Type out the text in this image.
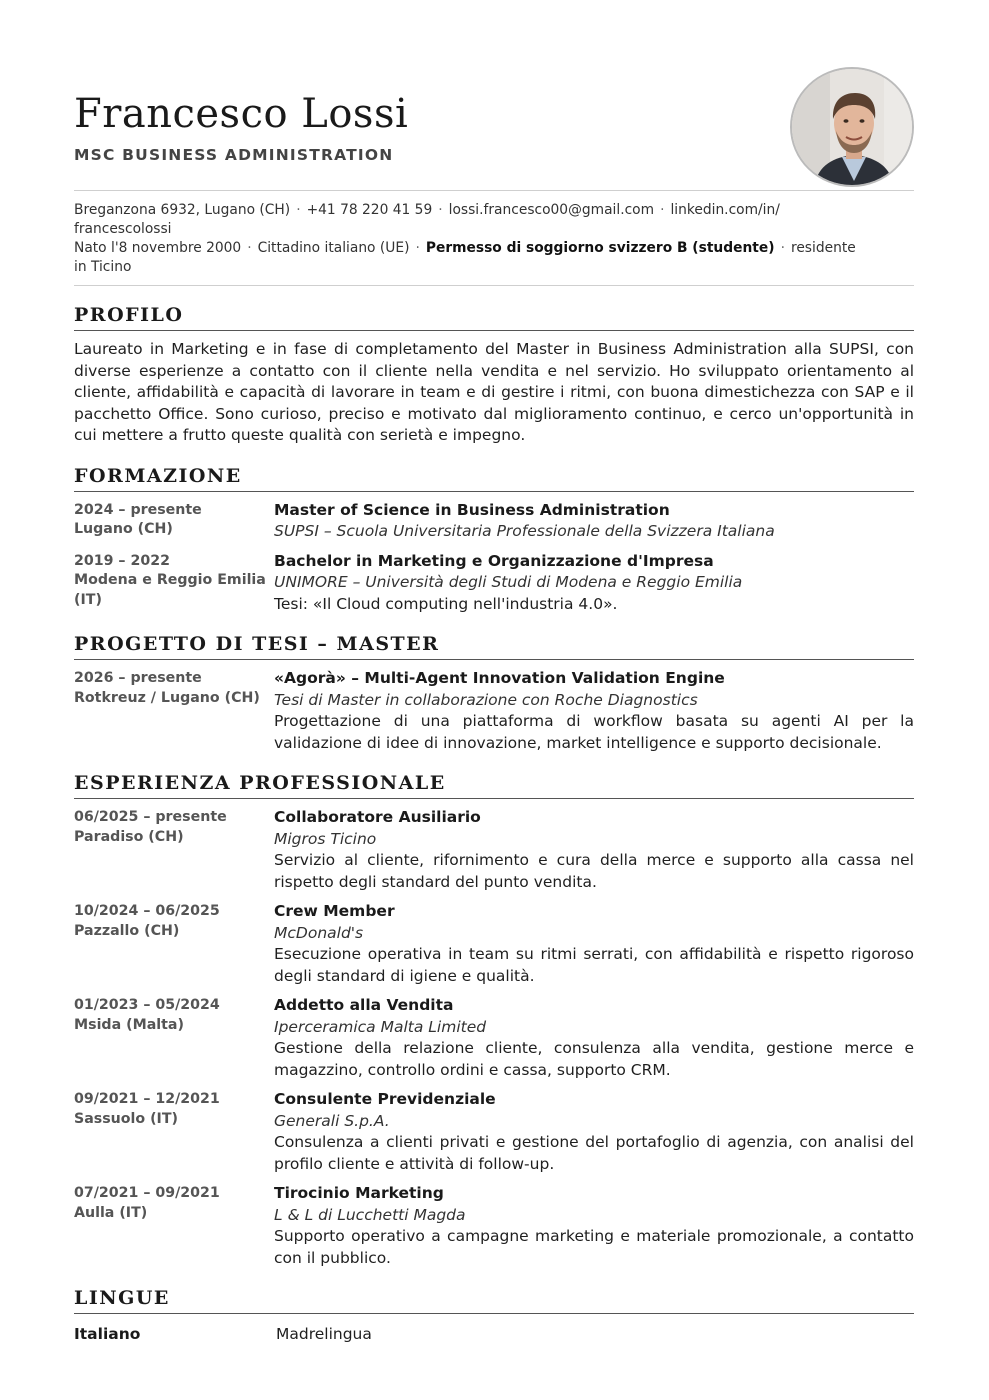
Francesco Lossi
MSC BUSINESS ADMINISTRATION
Breganzona 6932, Lugano (CH) · +41 78 220 41 59 · lossi.francesco00@gmail.com · linkedin.com/in/
francescolossi
Nato l'8 novembre 2000 · Cittadino italiano (UE) · Permesso di soggiorno svizzero B (studente) · residente
in Ticino
PROFILO

Laureato in Marketing e in fase di completamento del Master in Business Administration alla SUPSI, con diverse esperienze a contatto con il cliente nella vendita e nel servizio. Ho sviluppato orientamento al cliente, affidabilità e capacità di lavorare in team e di gestire i ritmi, con buona dimestichezza con SAP e il pacchetto Office. Sono curioso, preciso e motivato dal miglioramento continuo, e cerco un'opportunità in cui mettere a frutto queste qualità con serietà e impegno.

FORMAZIONE
2024 – presente
Lugano (CH)
Master of Science in Business Administration
SUPSI – Scuola Universitaria Professionale della Svizzera Italiana
2019 – 2022
Modena e Reggio Emilia (IT)
Bachelor in Marketing e Organizzazione d'Impresa
UNIMORE – Università degli Studi di Modena e Reggio Emilia
Tesi: «Il Cloud computing nell'industria 4.0».
PROGETTO DI TESI – MASTER
2026 – presente
Rotkreuz / Lugano (CH)
«Agorà» – Multi-Agent Innovation Validation Engine
Tesi di Master in collaborazione con Roche Diagnostics
Progettazione di una piattaforma di workflow basata su agenti AI per la validazione di idee di innovazione, market intelligence e supporto decisionale.
ESPERIENZA PROFESSIONALE
06/2025 – presente
Paradiso (CH)
Collaboratore Ausiliario
Migros Ticino
Servizio al cliente, rifornimento e cura della merce e supporto alla cassa nel rispetto degli standard del punto vendita.
10/2024 – 06/2025
Pazzallo (CH)
Crew Member
McDonald's
Esecuzione operativa in team su ritmi serrati, con affidabilità e rispetto rigoroso degli standard di igiene e qualità.
01/2023 – 05/2024
Msida (Malta)
Addetto alla Vendita
Iperceramica Malta Limited
Gestione della relazione cliente, consulenza alla vendita, gestione merce e magazzino, controllo ordini e cassa, supporto CRM.
09/2021 – 12/2021
Sassuolo (IT)
Consulente Previdenziale
Generali S.p.A.
Consulenza a clienti privati e gestione del portafoglio di agenzia, con analisi del profilo cliente e attività di follow-up.
07/2021 – 09/2021
Aulla (IT)
Tirocinio Marketing
L & L di Lucchetti Magda
Supporto operativo a campagne marketing e materiale promozionale, a contatto con il pubblico.
LINGUE
Italiano	Madrelingua
